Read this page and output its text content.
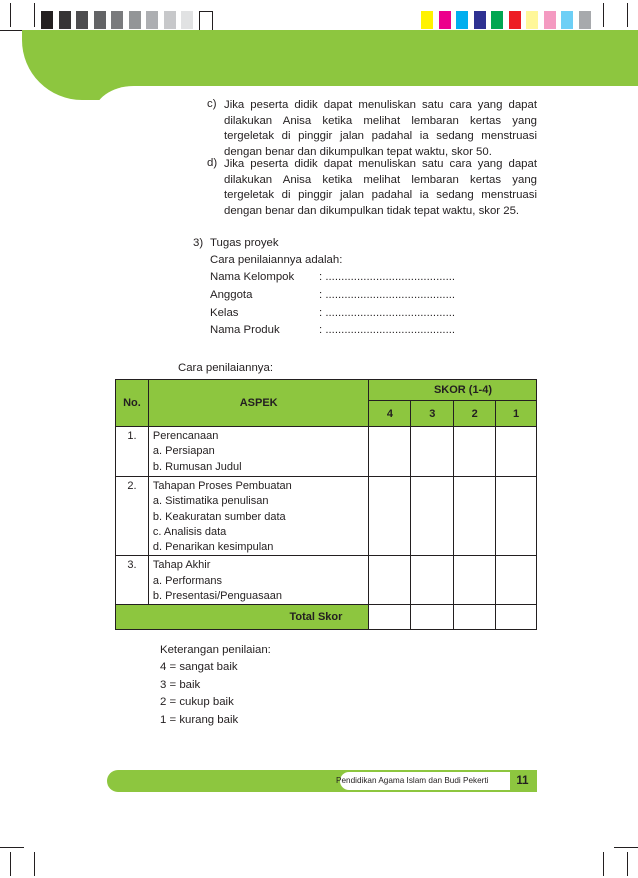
c) Jika peserta didik dapat menuliskan satu cara yang dapat
dilakukan Anisa ketika melihat lembaran kertas yang
tergeletak di pinggir jalan padahal ia sedang menstruasi
dengan benar dan dikumpulkan tepat waktu, skor 50.
d) Jika peserta didik dapat menuliskan satu cara yang dapat
dilakukan Anisa ketika melihat lembaran kertas yang
tergeletak di pinggir jalan padahal ia sedang menstruasi
dengan benar dan dikumpulkan tidak tepat waktu, skor 25.
3) Tugas proyek
Cara penilaiannya adalah:
Nama Kelompok : .........................................
Anggota	: .........................................
Kelas	: .........................................
Nama Produk	: .........................................
Cara penilaiannya:
No.	ASPEK	SKOR (1-4)			
		4	3	2	1
1.	Perencanaan
a. Persiapan
b. Rumusan Judul				

2.	Tahapan Proses Pembuatan
a. Sistimatika penulisan
b. Keakuratan sumber data
c. Analisis data
d. Penarikan kesimpulan				

3.	Tahap Akhir
a. Performans
b. Presentasi/Penguasaan				

Total Skor					
Keterangan penilaian:
4 = sangat baik
3 = baik
2 = cukup baik
1 = kurang baik
Pendidikan Agama Islam dan Budi Pekerti	11
